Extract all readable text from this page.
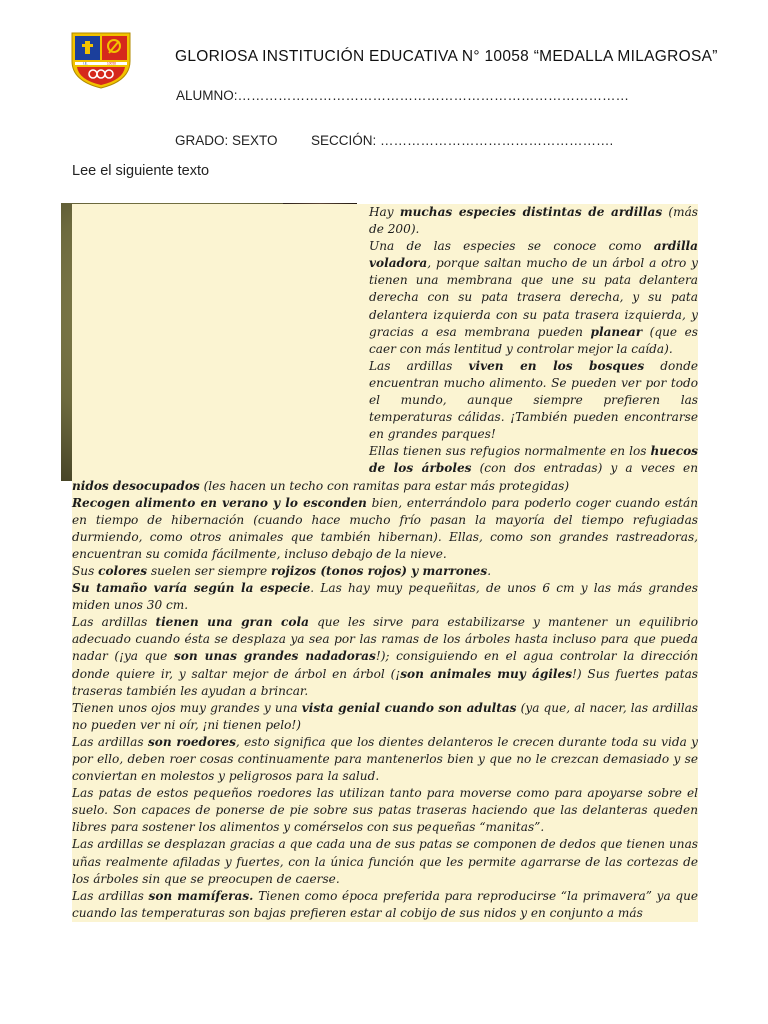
I.E.	10058	GLORIOSA INSTITUCIÓN EDUCATIVA N° 10058 “MEDALLA MILAGROSA”
ALUMNO:……………………………………………………………………………
GRADO: SEXTO SECCIÓN: …………………………………………….
Lee el siguiente texto

Hay muchas especies distintas de ardillas (más de 200).

Una de las especies se conoce como ardilla voladora, porque saltan mucho de un árbol a otro y tienen una membrana que une su pata delantera derecha con su pata trasera derecha, y su pata delantera izquierda con su pata trasera izquierda, y gracias a esa membrana pueden planear (que es caer con más lentitud y controlar mejor la caída).

Las ardillas viven en los bosques donde encuentran mucho alimento. Se pueden ver por todo el mundo, aunque siempre prefieren las temperaturas cálidas. ¡También pueden encontrarse en grandes parques!

Ellas tienen sus refugios normalmente en los huecos de los árboles (con dos entradas) y a veces en nidos desocupados (les hacen un techo con ramitas para estar más protegidas)

Recogen alimento en verano y lo esconden bien, enterrándolo para poderlo coger cuando están en tiempo de hibernación (cuando hace mucho frío pasan la mayoría del tiempo refugiadas durmiendo, como otros animales que también hibernan). Ellas, como son grandes rastreadoras, encuentran su comida fácilmente, incluso debajo de la nieve.

Sus colores suelen ser siempre rojizos (tonos rojos) y marrones.

Su tamaño varía según la especie. Las hay muy pequeñitas, de unos 6 cm y las más grandes miden unos 30 cm.

Las ardillas tienen una gran cola que les sirve para estabilizarse y mantener un equilibrio adecuado cuando ésta se desplaza ya sea por las ramas de los árboles hasta incluso para que pueda nadar (¡ya que son unas grandes nadadoras!); consiguiendo en el agua controlar la dirección donde quiere ir, y saltar mejor de árbol en árbol (¡son animales muy ágiles!) Sus fuertes patas traseras también les ayudan a brincar.

Tienen unos ojos muy grandes y una vista genial cuando son adultas (ya que, al nacer, las ardillas no pueden ver ni oír, ¡ni tienen pelo!)

Las ardillas son roedores, esto significa que los dientes delanteros le crecen durante toda su vida y por ello, deben roer cosas continuamente para mantenerlos bien y que no le crezcan demasiado y se conviertan en molestos y peligrosos para la salud.

Las patas de estos pequeños roedores las utilizan tanto para moverse como para apoyarse sobre el suelo. Son capaces de ponerse de pie sobre sus patas traseras haciendo que las delanteras queden libres para sostener los alimentos y comérselos con sus pequeñas “manitas”.

Las ardillas se desplazan gracias a que cada una de sus patas se componen de dedos que tienen unas uñas realmente afiladas y fuertes, con la única función que les permite agarrarse de las cortezas de los árboles sin que se preocupen de caerse.

Las ardillas son mamíferas. Tienen como época preferida para reproducirse “la primavera” ya que cuando las temperaturas son bajas prefieren estar al cobijo de sus nidos y en conjunto a más
